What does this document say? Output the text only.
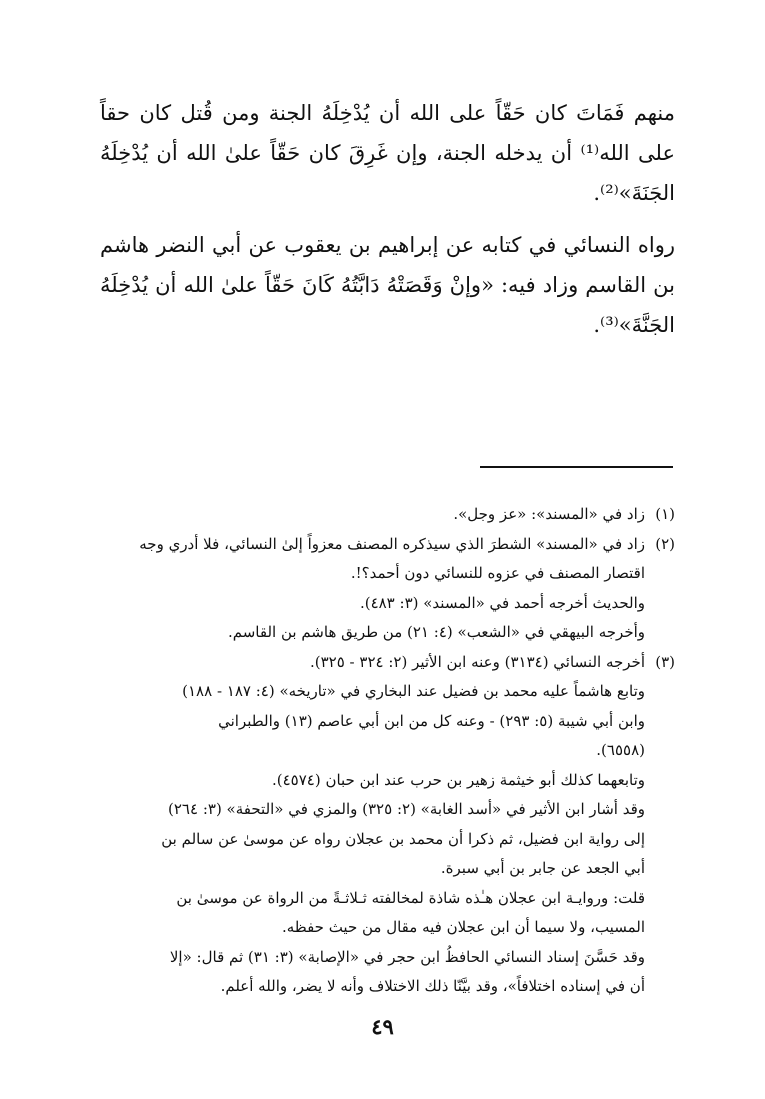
منهم فَمَاتَ كان حَقّاً على الله أن يُدْخِلَهُ الجنة ومن قُتل كان حقاً على الله⁽¹⁾ أن يدخله الجنة، وإن غَرِقَ كان حَقّاً علىٰ الله أن يُدْخِلَهُ الجَنَةَ»⁽²⁾.

رواه النسائي في كتابه عن إبراهيم بن يعقوب عن أبي النضر هاشم بن القاسم وزاد فيه: «وإنْ وَقَصَتْهُ دَابَّتُهُ كَانَ حَقّاً علىٰ الله أن يُدْخِلَهُ الجَنَّةَ»⁽³⁾.

(١)
زاد في «المسند»: «عز وجل».
(٢)
زاد في «المسند» الشطرَ الذي سيذكره المصنف معزواً إلىٰ النسائي، فلا أدري وجه
اقتصار المصنف في عزوه للنسائي دون أحمد؟!.
والحديث أخرجه أحمد في «المسند» (٣: ٤٨٣).
وأخرجه البيهقي في «الشعب» (٤: ٢١) من طريق هاشم بن القاسم.
(٣)
أخرجه النسائي (٣١٣٤) وعنه ابن الأثير (٢: ٣٢٤ - ٣٢٥).
وتابع هاشماً عليه محمد بن فضيل عند البخاري في «تاريخه» (٤: ١٨٧ - ١٨٨)
وابن أبي شيبة (٥: ٢٩٣) - وعنه كل من ابن أبي عاصم (١٣) والطبراني
(٦٥٥٨).
وتابعهما كذلك أبو خيثمة زهير بن حرب عند ابن حبان (٤٥٧٤).
وقد أشار ابن الأثير في «أسد الغابة» (٢: ٣٢٥) والمزي في «التحفة» (٣: ٢٦٤)
إلى رواية ابن فضيل، ثم ذكرا أن محمد بن عجلان رواه عن موسىٰ عن سالم بن
أبي الجعد عن جابر بن أبي سبرة.
قلت: وروايـة ابن عجلان هـٰذه شاذة لمخالفته ثـلاثـةً من الرواة عن موسىٰ بن
المسيب، ولا سيما أن ابن عجلان فيه مقال من حيث حفظه.
وقد حَسَّنَ إسناد النسائي الحافظُ ابن حجر في «الإصابة» (٣: ٣١) ثم قال: «إلا
أن في إسناده اختلافاً»، وقد بيَّنّا ذلك الاختلاف وأنه لا يضر، والله أعلم.
٤٩
